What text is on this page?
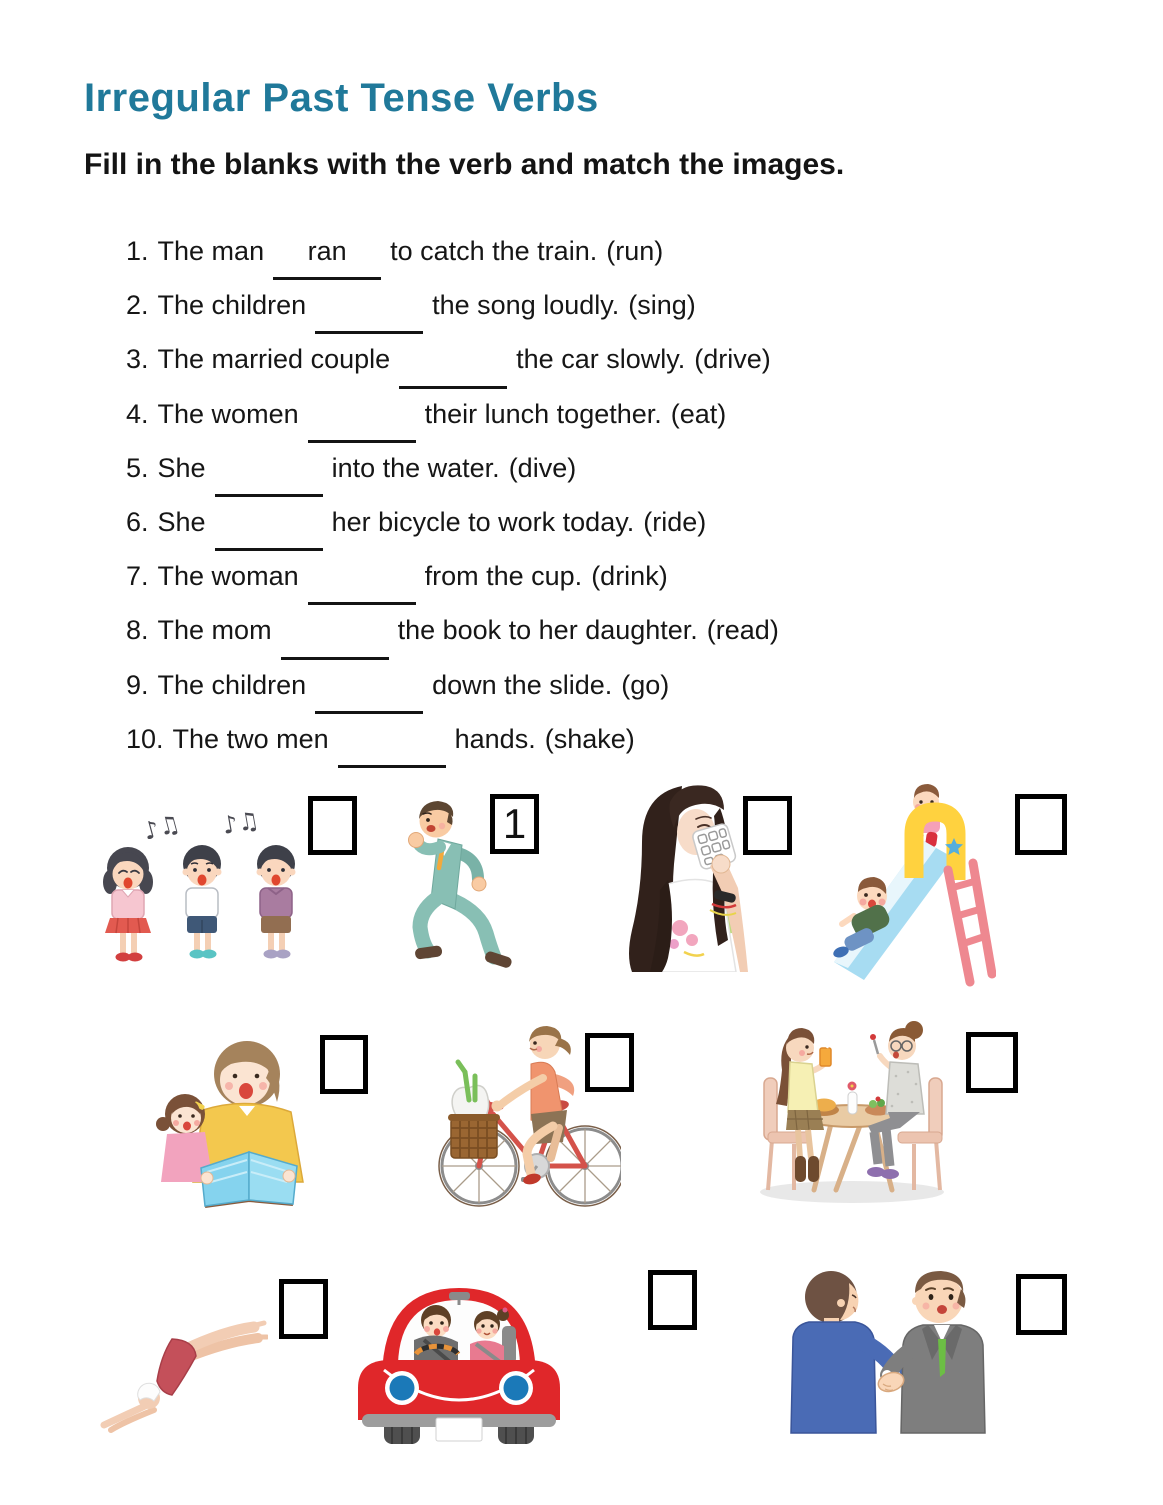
Irregular Past Tense Verbs

Fill in the blanks with the verb and match the images.

1. The man ran to catch the train. (run)
2. The children	the song loudly. (sing)
3. The married couple	the car slowly. (drive)
4. The women	their lunch together. (eat)
5. She	into the water. (dive)
6. She	her bicycle to work today. (ride)
7. The woman	from the cup. (drink)
8. The mom	the book to her daughter. (read)
9. The children	down the slide. (go)
10. The two men	hands. (shake)
♪♫ ♪♫	1
